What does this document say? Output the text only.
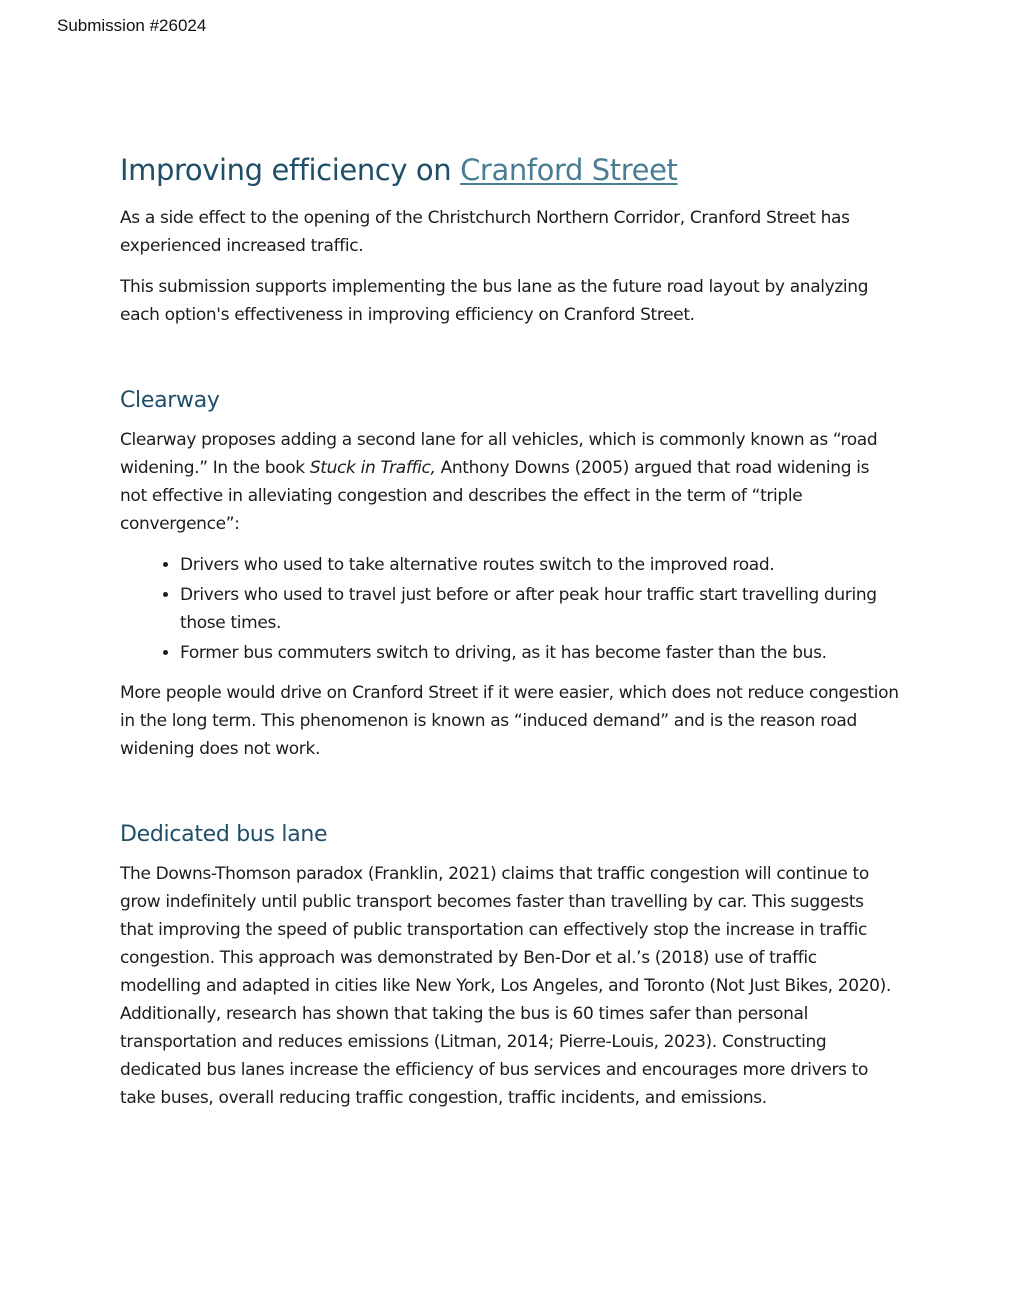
Submission #26024
Improving efficiency on Cranford Street

As a side effect to the opening of the Christchurch Northern Corridor, Cranford Street has experienced increased traffic.

This submission supports implementing the bus lane as the future road layout by analyzing each option's effectiveness in improving efficiency on Cranford Street.

Clearway

Clearway proposes adding a second lane for all vehicles, which is commonly known as “road widening.” In the book Stuck in Traffic, Anthony Downs (2005) argued that road widening is not effective in alleviating congestion and describes the effect in the term of “triple convergence”:

• Drivers who used to take alternative routes switch to the improved road.
• Drivers who used to travel just before or after peak hour traffic start travelling during those times.
• Former bus commuters switch to driving, as it has become faster than the bus.

More people would drive on Cranford Street if it were easier, which does not reduce congestion in the long term. This phenomenon is known as “induced demand” and is the reason road widening does not work.

Dedicated bus lane

The Downs-Thomson paradox (Franklin, 2021) claims that traffic congestion will continue to grow indefinitely until public transport becomes faster than travelling by car. This suggests that improving the speed of public transportation can effectively stop the increase in traffic congestion. This approach was demonstrated by Ben-Dor et al.’s (2018) use of traffic modelling and adapted in cities like New York, Los Angeles, and Toronto (Not Just Bikes, 2020). Additionally, research has shown that taking the bus is 60 times safer than personal transportation and reduces emissions (Litman, 2014; Pierre-Louis, 2023). Constructing dedicated bus lanes increase the efficiency of bus services and encourages more drivers to take buses, overall reducing traffic congestion, traffic incidents, and emissions.
